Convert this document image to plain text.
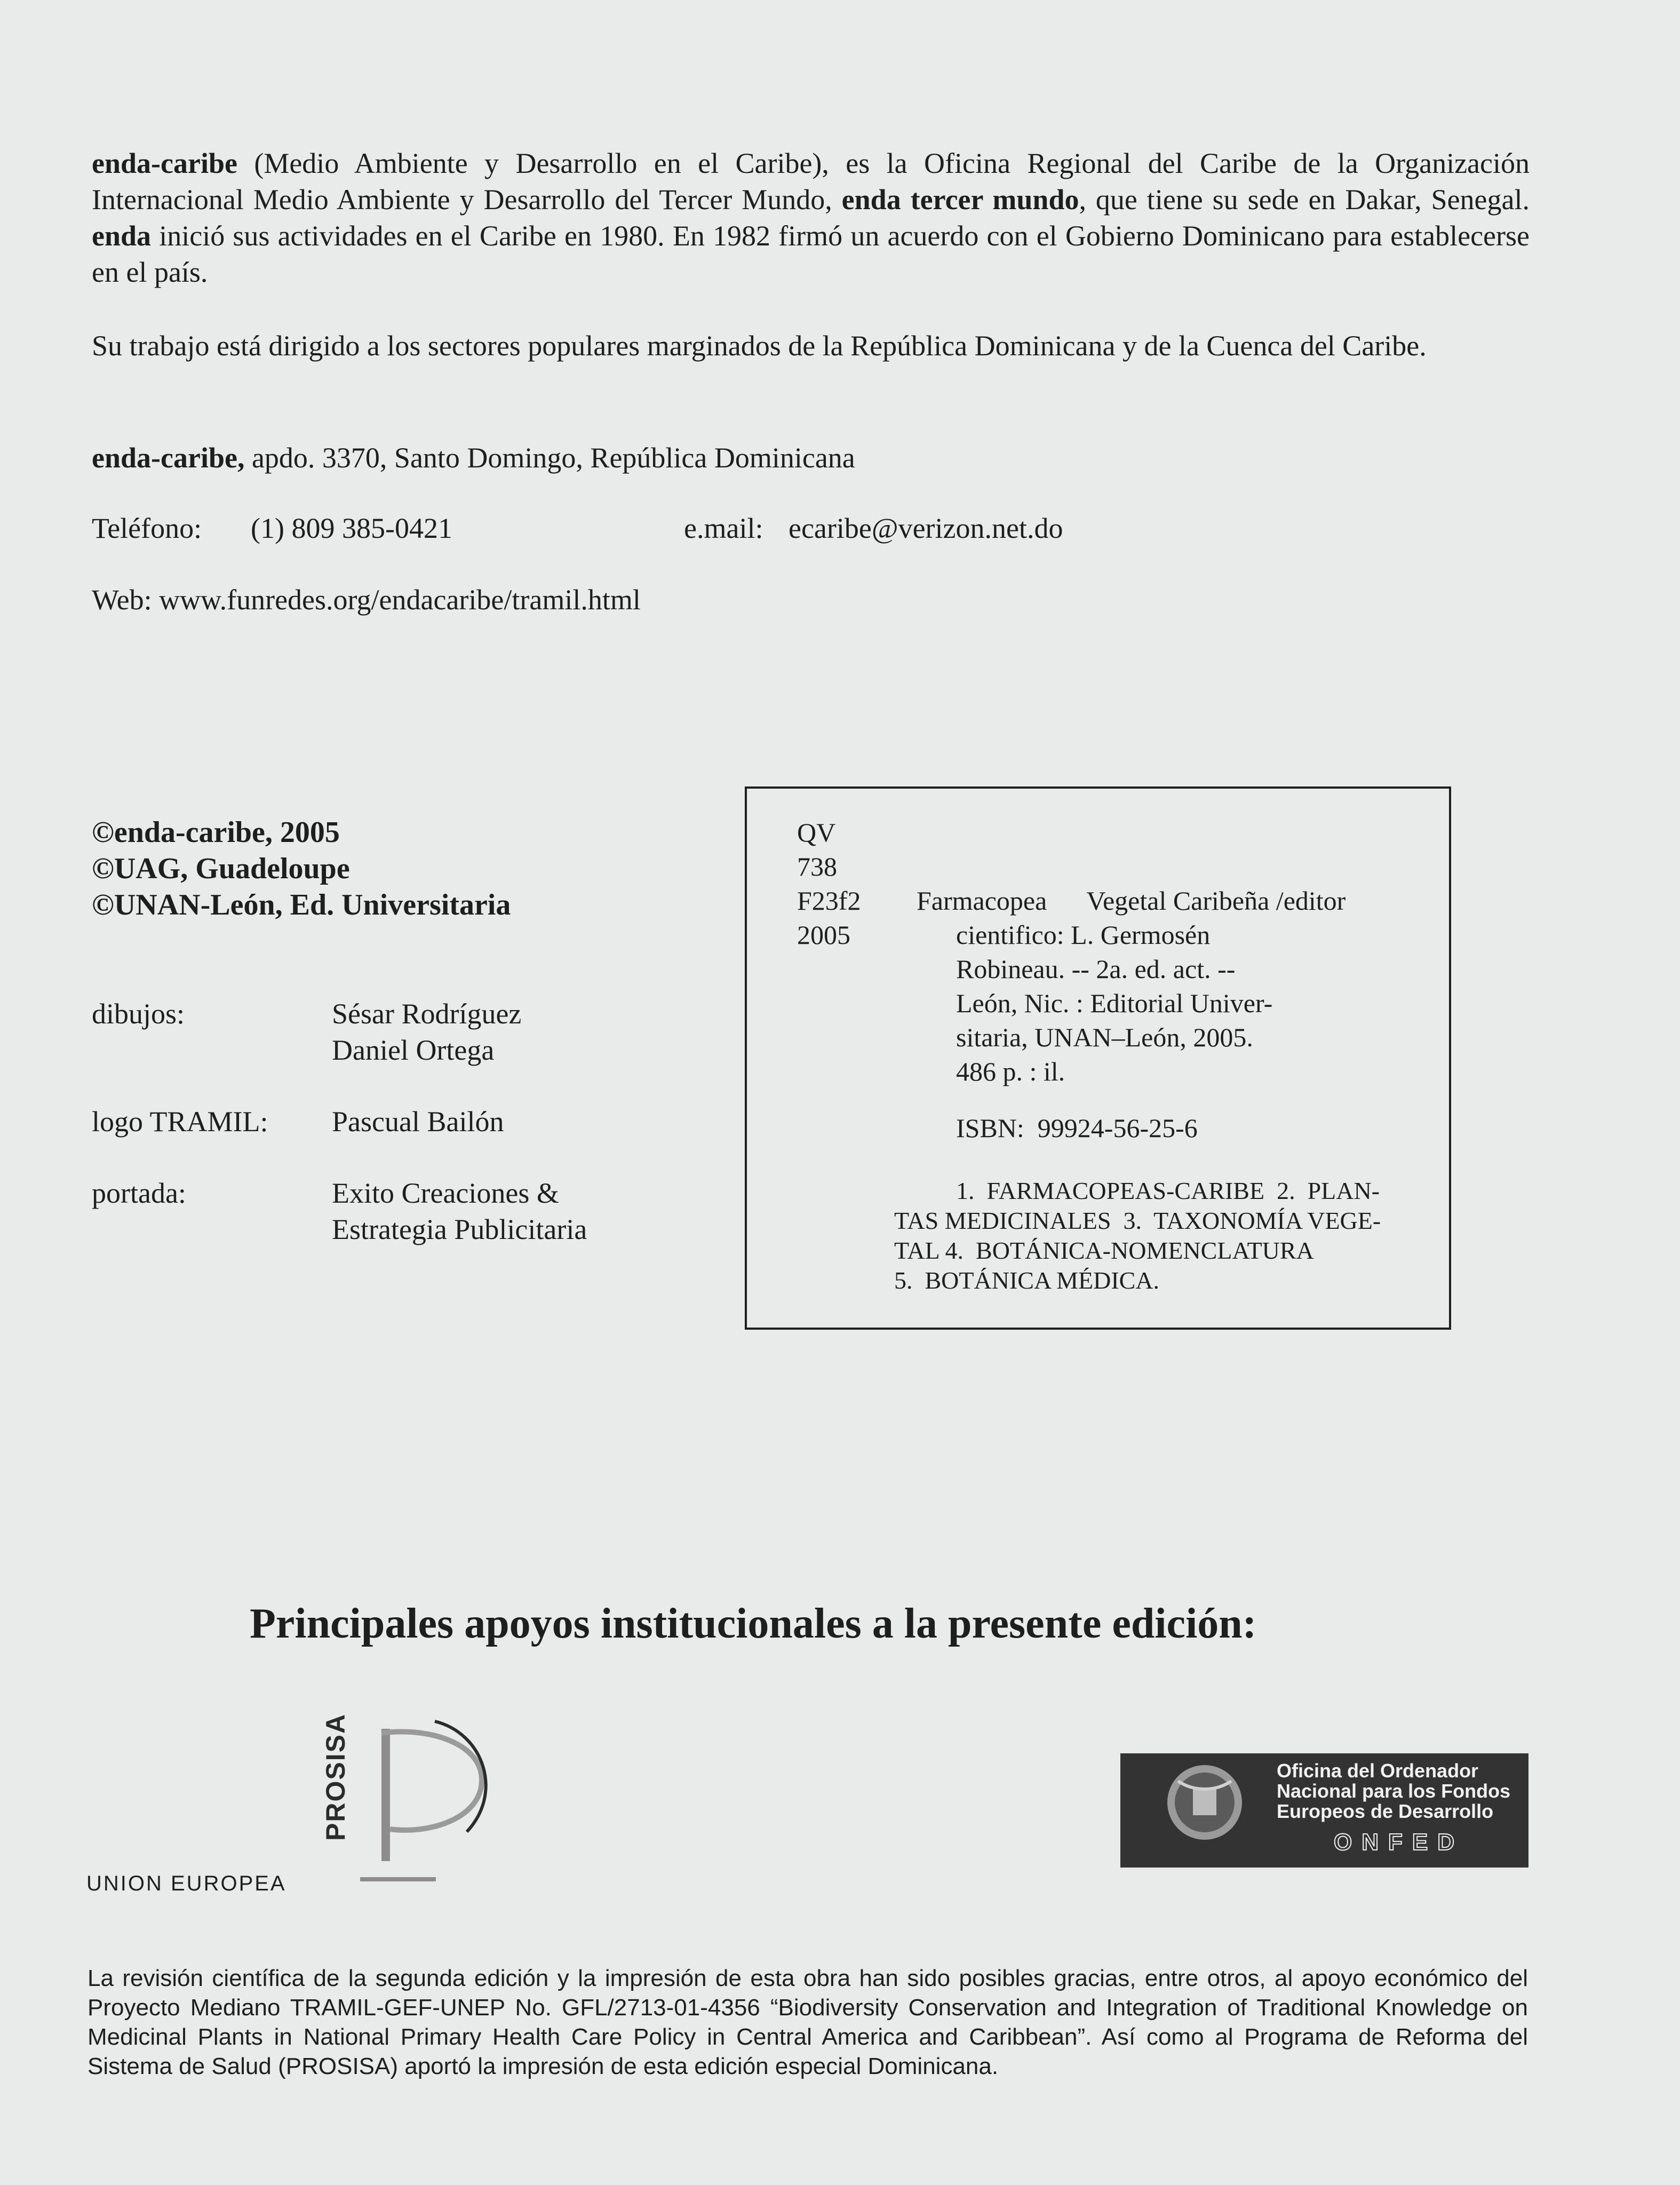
enda-caribe (Medio Ambiente y Desarrollo en el Caribe), es la Oficina Regional del Caribe de la Organización Internacional Medio Ambiente y Desarrollo del Tercer Mundo, enda tercer mundo, que tiene su sede en Dakar, Senegal. enda inició sus actividades en el Caribe en 1980. En 1982 firmó un acuerdo con el Gobierno Dominicano para establecerse en el país.
Su trabajo está dirigido a los sectores populares marginados de la República Dominicana y de la Cuenca del Caribe.
enda-caribe, apdo. 3370, Santo Domingo, República Dominicana
Teléfono: (1) 809 385-0421	e.mail: ecaribe@verizon.net.do
Web: www.funredes.org/endacaribe/tramil.html
©enda-caribe, 2005
©UAG, Guadeloupe
©UNAN-León, Ed. Universitaria
dibujos:	Sésar Rodríguez
Daniel Ortega
logo TRAMIL: Pascual Bailón
portada:	Exito Creaciones &
Estrategia Publicitaria
QV
738
F23f2
2005
Farmacopea      Vegetal Caribeña /editor
cientifico: L. Germosén
Robineau. -- 2a. ed. act. --
León, Nic. : Editorial Univer-
sitaria, UNAN–León, 2005.
486 p. : il.
ISBN:  99924-56-25-6
1.  FARMACOPEAS-CARIBE  2.  PLAN-
TAS MEDICINALES  3.  TAXONOMÍA VEGE-
TAL 4.  BOTÁNICA-NOMENCLATURA
5.  BOTÁNICA MÉDICA.
Principales apoyos institucionales a la presente edición:
UNION EUROPEA
PROSISA	Oficina del Ordenador
Nacional para los Fondos
Europeos de Desarrollo
ONFED
La revisión científica de la segunda edición y la impresión de esta obra han sido posibles gracias, entre otros, al apoyo económico del Proyecto Mediano TRAMIL-GEF-UNEP No. GFL/2713-01-4356 “Biodiversity Conservation and Integration of Traditional Knowledge on Medicinal Plants in National Primary Health Care Policy in Central America and Caribbean”. Así como al Programa de Reforma del Sistema de Salud (PROSISA) aportó la impresión de esta edición especial Dominicana.
